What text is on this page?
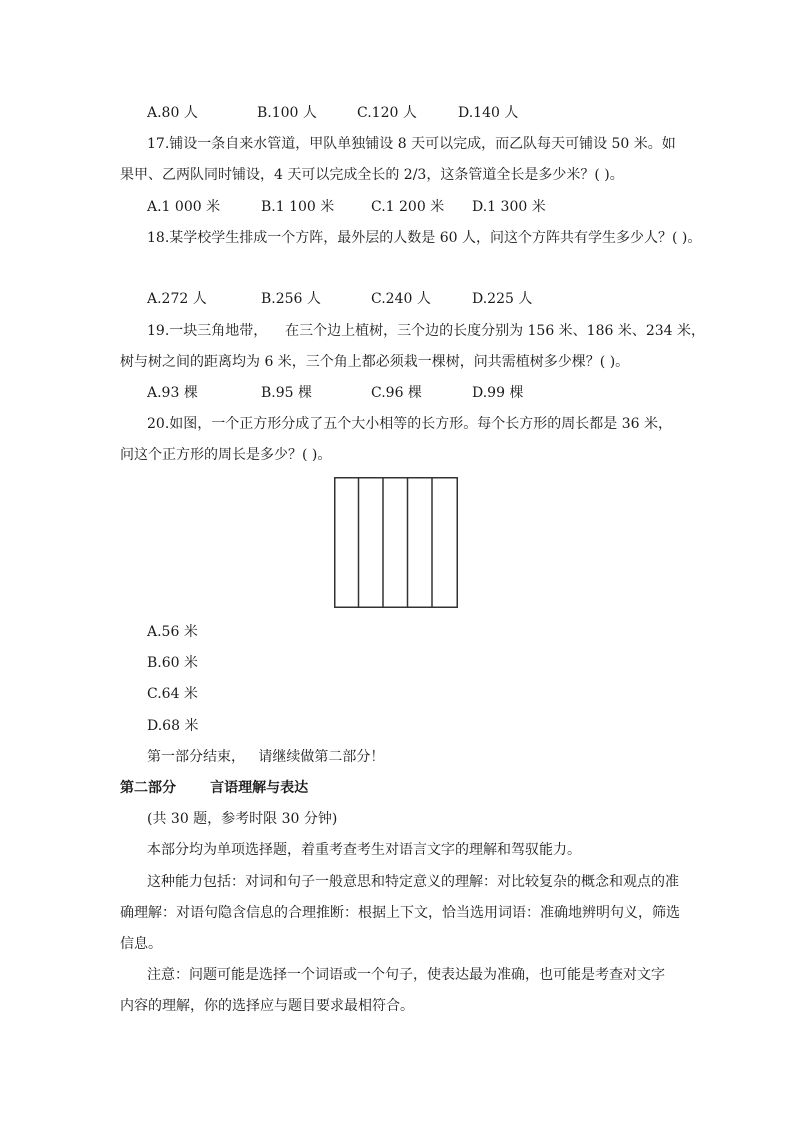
A.80 人	B.100 人	C.120 人	D.140 人
17.铺设一条自来水管道，甲队单独铺设 8 天可以完成，而乙队每天可铺设 50 米。如
果甲、乙两队同时铺设，4 天可以完成全长的 2/3，这条管道全长是多少米？( )。
A.1 000 米	B.1 100 米	C.1 200 米 D.1 300 米
18.某学校学生排成一个方阵，最外层的人数是 60 人，问这个方阵共有学生多少人？( )。
A.272 人	B.256 人	C.240 人	D.225 人
19.一块三角地带，    在三个边上植树，三个边的长度分别为 156 米、186 米、234 米，
树与树之间的距离均为 6 米，三个角上都必须栽一棵树，问共需植树多少棵？( )。
A.93 棵	B.95 棵	C.96 棵	D.99 棵
20.如图，一个正方形分成了五个大小相等的长方形。每个长方形的周长都是 36 米，
问这个正方形的周长是多少？( )。
A.56 米
B.60 米
C.64 米
D.68 米
第一部分结束，   请继续做第二部分！
第二部分       言语理解与表达
(共 30 题，参考时限 30 分钟)
本部分均为单项选择题，着重考查考生对语言文字的理解和驾驭能力。
这种能力包括：对词和句子一般意思和特定意义的理解：对比较复杂的概念和观点的准
确理解：对语句隐含信息的合理推断：根据上下文，恰当选用词语：准确地辨明句义，筛选
信息。
注意：问题可能是选择一个词语或一个句子，使表达最为准确，也可能是考查对文字
内容的理解，你的选择应与题目要求最相符合。
